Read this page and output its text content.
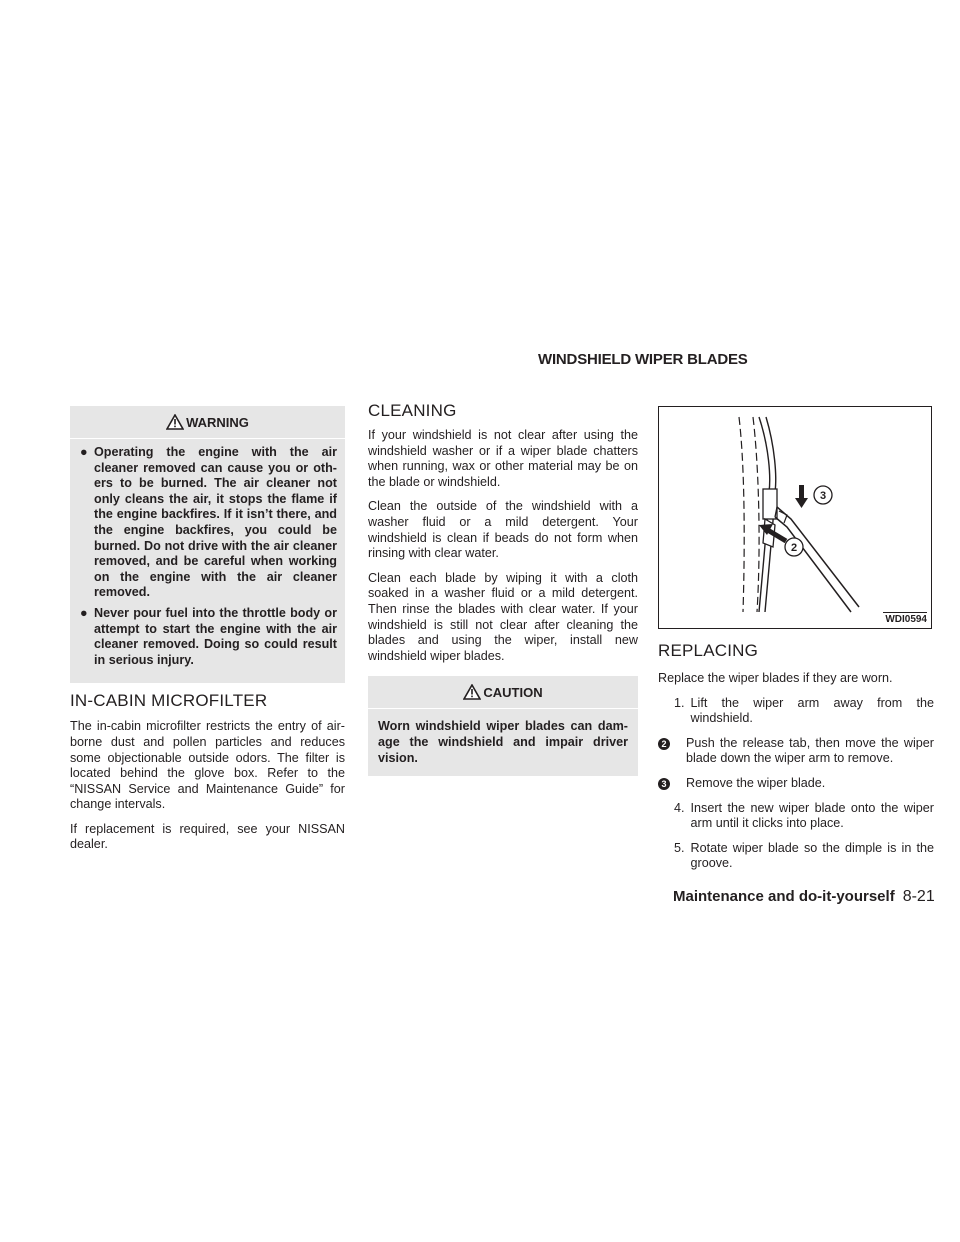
WINDSHIELD WIPER BLADES
WARNING
● Operating the engine with the air cleaner removed can cause you or oth-ers to be burned. The air cleaner not only cleans the air, it stops the flame if the engine backfires. If it isn’t there, and the engine backfires, you could be burned. Do not drive with the air cleaner removed, and be careful when working on the engine with the air cleaner removed.
● Never pour fuel into the throttle body or attempt to start the engine with the air cleaner removed. Doing so could result in serious injury.
IN-CABIN MICROFILTER

The in-cabin microfilter restricts the entry of air-borne dust and pollen particles and reduces some objectionable outside odors. The filter is located behind the glove box. Refer to the “NISSAN Service and Maintenance Guide” for change intervals.

If replacement is required, see your NISSAN dealer.

CLEANING

If your windshield is not clear after using the windshield washer or if a wiper blade chatters when running, wax or other material may be on the blade or windshield.

Clean the outside of the windshield with a washer fluid or a mild detergent. Your windshield is clean if beads do not form when rinsing with clear water.

Clean each blade by wiping it with a cloth soaked in a washer fluid or a mild detergent. Then rinse the blades with clear water. If your windshield is still not clear after cleaning the blades and using the wiper, install new windshield wiper blades.

CAUTION
Worn windshield wiper blades can dam-age the windshield and impair driver vision.
3
2
WDI0594
REPLACING

Replace the wiper blades if they are worn.

1. Lift the wiper arm away from the windshield.
2	Push the release tab, then move the wiper blade down the wiper arm to remove.
3	Remove the wiper blade.
4. Insert the new wiper blade onto the wiper arm until it clicks into place.
5. Rotate wiper blade so the dimple is in the groove.
Maintenance and do-it-yourself 8-21
